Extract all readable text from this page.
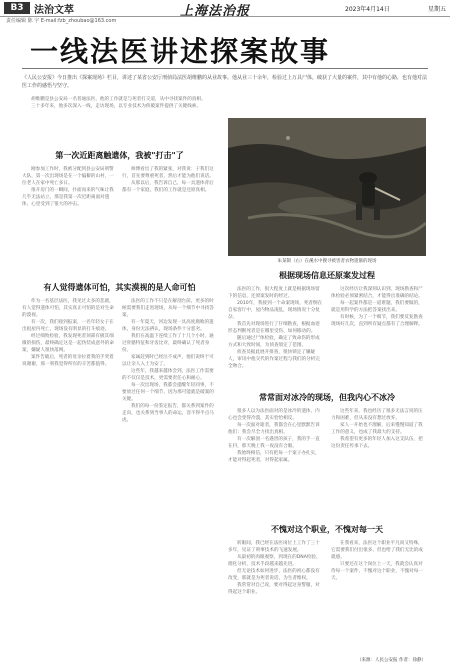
B3	法治文萃	上海法治报	2023年4月14日	星期五
责任编辑 陈 宇 E-mail:fzb_zhoubao@163.com
一线法医讲述探案故事
《人民公安报》今日推出《探案现场》栏目，讲述了某省公安厅刑侦局法医胡维鹏的从业故事。他从业三十余年，检验过上万具尸体，破获了大量的案件，其中有他的心路，也有他对法医工作的感悟与坚守。

胡维鹏是县公安局一名普通法医，他的工作就是与死者打交道，从中寻找案件的真相。

三十多年来，他多次深入一线，走访现场，以专业技术为侦破案件提供了关键线索。

第一次近距离触遗体，我被"打击"了

刚参加工作时，我被分配到县公安局刑警大队，第一次出现场是在一个偏僻的山村，一位老人在家中死亡多日。

推开房门的一瞬间，扑面而来的气味让我几乎无法站立，那是我第一次近距离面对遗体，心里受到了很大的冲击。

师傅看出了我的紧张，对我说：干我们这行，首先要尊重死者，然后才能为他们说话。

从那以后，我告诉自己，每一具遗体背后都有一个家庭，我们的工作就是还原真相。

有人觉得遗体可怕，其实漠视的是人命可怕

作为一名基层法医，我见过太多的悲剧，有人觉得遗体可怕，其实真正可怕的是对生命的漠视。

有一次，我们接到报案，一名年轻女子在出租屋内死亡，现场没有明显的打斗痕迹。

经过细致检验，我发现死者颈部有极其细微的损伤，最终确定这是一起伪装成意外的命案，嫌疑人很快落网。

案件告破后，死者的母亲拉着我的手哭着说谢谢，那一刻我觉得所有的辛苦都值得。

法医的工作不只是在解剖台前，更多的时候需要我们走进现场，从每一个细节中寻找答案。

有一年夏天，河边发现一具高度腐败的遗体，身份无法辨认，现场条件十分恶劣。

我们在高温下连续工作了十几个小时，通过骨骼特征和牙齿比对，最终确认了死者身份。

家属赶到时已经泣不成声，他们说终于可以让亲人入土为安了。

这些年，我越来越体会到，法医工作需要的不仅仅是技术，更需要责任心和耐心。

每一次出现场，我都会提醒年轻同事，不要放过任何一个细节，因为那可能就是破案的关键。

我们的每一份鉴定报告，都关系到案件的走向，也关系到当事人的命运，容不得半点马虎。

朱某制（右）在溪水中搜寻被害者衣物遗骸的现场
根据现场信息还原案发过程

法医的工作，很大程度上就是根据现场留下的信息，还原案发时的经过。

2010年，我接到一个命案现场，死者倒在自家客厅中，屋内物品凌乱，现场情况十分复杂。

我首先对现场进行了仔细勘查，根据血迹形态判断死者是在哪里受伤、如何移动的。

随后通过尸体检验，确定了致命伤的形成方式和大致时间，为侦查划定了范围。

侦查员据此展开排查，很快锁定了嫌疑人，审讯中他交代的作案过程与我们的分析完全吻合。

这次经历让我深刻认识到，现场勘查和尸体检验必须紧密结合，才能得出准确的结论。

每一起案件都是一道难题，我们要做的，就是用科学的方法把答案找出来。

有时候，为了一个细节，我们要反复勘查现场好几次，直到所有疑点都有了合理解释。

常常面对冰冷的现场，但我内心不冰冷

很多人以为法医面对的是冰冷的遗体，内心也会变得冷漠，其实恰恰相反。

每一次面对逝者，我都会在心里默默告诉他们：我会尽全力找出真相。

有一次解剖一名遇害的孩子，我的手一直在抖，那天晚上我一夜没有合眼。

我始终相信，只有把每一个案子办扎实，才能对得起死者，对得起家属。

这些年来，我也经历了很多无法言说的压力和困难，但从来没有想过放弃。

家人一开始也不理解，后来慢慢知道了我工作的意义，也成了我最大的支持。

我希望有更多的年轻人加入这支队伍，把这份责任传承下去。

不愧对这个职业，不愧对每一天

转眼间，我已经在法医岗位上工作了三十多年，见证了刑事技术的飞速发展。

从最初的肉眼观察，到现在的DNA检验、理化分析，技术手段越来越先进。

但无论技术如何进步，法医的初心都没有改变，那就是为死者说话，为生者维权。

我常常对自己说，要对得起这身警服，对得起这个职业。

在我看来，法医这个职业平凡而又特殊，它需要我们付出很多，但也给了我们无比的成就感。

只要还在这个岗位上一天，我就会认真对待每一个案件，不愧对这个职业，不愧对每一天。

（来源：人民公安报 作者：徐静）
